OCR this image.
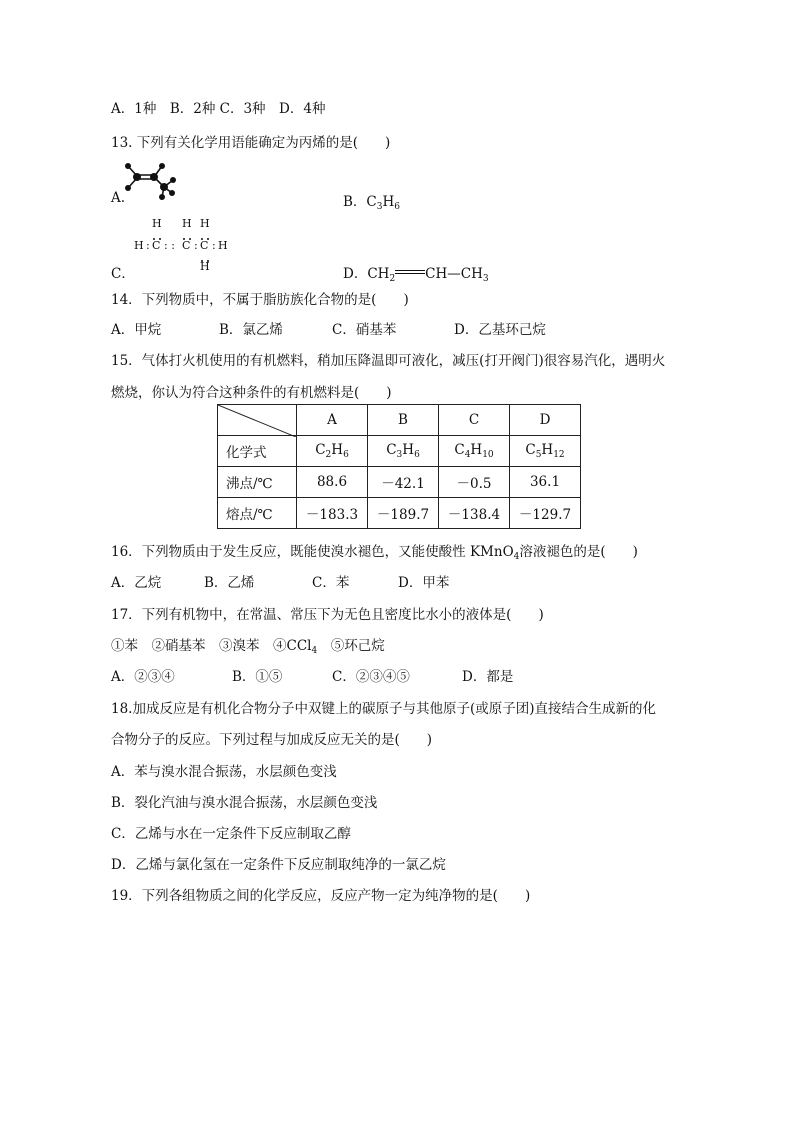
A．1种　B．2种 C．3种　D．4种
13. 下列有关化学用语能确定为丙烯的是(　　)
A.	B．$C_3H_6$
H H H

H : C : : C : C : H

H
C．	D．$CH_2$ $CH—CH_3$
14．下列物质中，不属于脂肪族化合物的是(　　)
A．甲烷	B．氯乙烯	C．硝基苯	D．乙基环己烷
15．气体打火机使用的有机燃料，稍加压降温即可液化，减压(打开阀门)很容易汽化，遇明火
燃烧，你认为符合这种条件的有机燃料是(　　)
	A	B	C	D
化学式	$C_2H_6$	$C_3H_6$	$C_4H_{10}$	$C_5H_{12}$
沸点/℃	88.6	－42.1	－0.5	36.1
熔点/℃	－183.3	－189.7	－138.4	－129.7
16．下列物质由于发生反应，既能使溴水褪色，又能使酸性 KMnO$_4$溶液褪色的是(　　)
A．乙烷	B．乙烯	C．苯	D．甲苯
17．下列有机物中，在常温、常压下为无色且密度比水小的液体是(　　)
①苯　②硝基苯　③溴苯　④CCl$_4$　⑤环己烷
A．②③④	B．①⑤	C．②③④⑤	D．都是
18.加成反应是有机化合物分子中双键上的碳原子与其他原子(或原子团)直接结合生成新的化
合物分子的反应。下列过程与加成反应无关的是(　　)
A．苯与溴水混合振荡，水层颜色变浅
B．裂化汽油与溴水混合振荡，水层颜色变浅
C．乙烯与水在一定条件下反应制取乙醇
D．乙烯与氯化氢在一定条件下反应制取纯净的一氯乙烷
19．下列各组物质之间的化学反应，反应产物一定为纯净物的是(　　)
